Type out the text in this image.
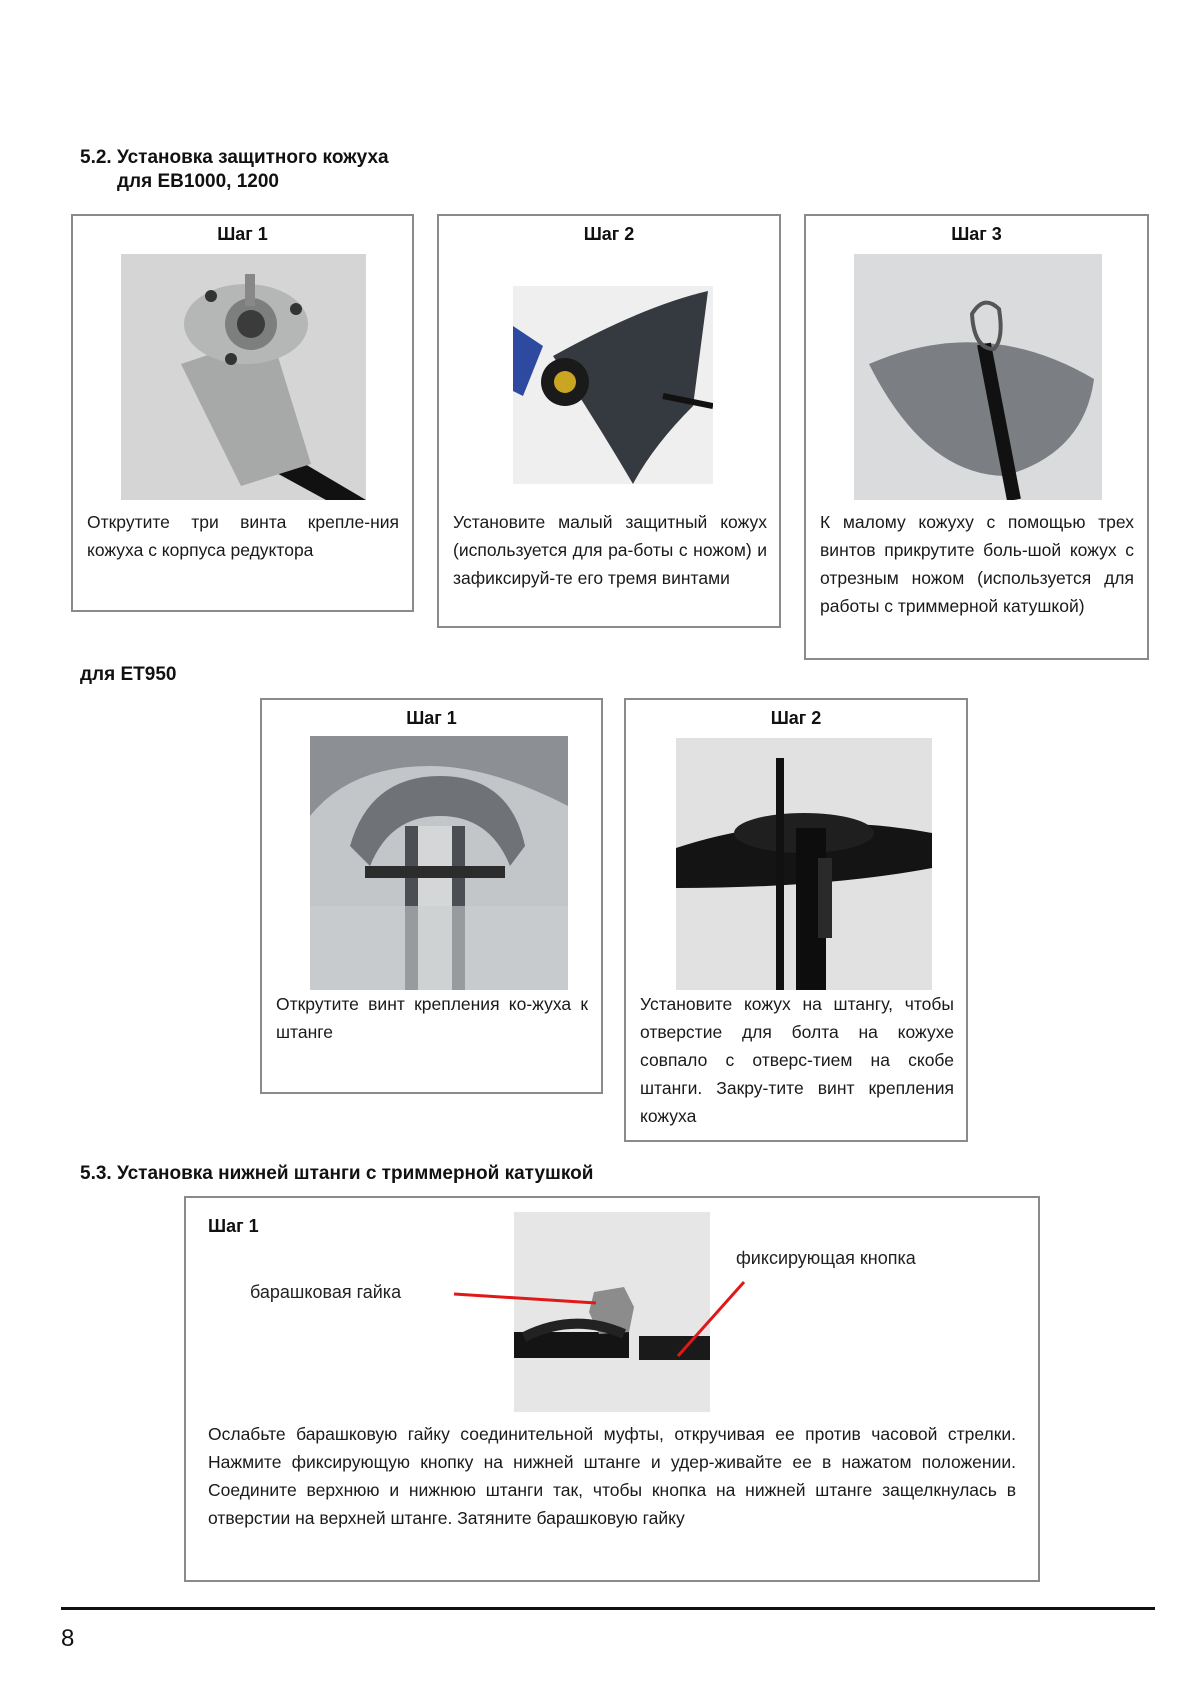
5.2. Установка защитного кожуха
для EB1000, 1200
Шаг 1
Открутите три винта крепле-ния кожуха с корпуса редуктора
Шаг 2
Установите малый защитный кожух (используется для ра-боты с ножом) и зафиксируй-те его тремя винтами
Шаг 3
К малому кожуху с помощью трех винтов прикрутите боль-шой кожух с отрезным ножом (используется для работы с триммерной катушкой)
для ET950
Шаг 1
Открутите винт крепления ко-жуха к штанге
Шаг 2
Установите кожух на штангу, чтобы отверстие для болта на кожухе совпало с отверс-тием на скобе штанги. Закру-тите винт крепления кожуха
5.3. Установка нижней штанги с триммерной катушкой
Шаг 1
барашковая гайка
фиксирующая кнопка
Ослабьте барашковую гайку соединительной муфты, откручивая ее против часовой стрелки. Нажмите фиксирующую кнопку на нижней штанге и удер-живайте ее в нажатом положении. Соедините верхнюю и нижнюю штанги так, чтобы кнопка на нижней штанге защелкнулась в отверстии на верхней штанге. Затяните барашковую гайку
8
